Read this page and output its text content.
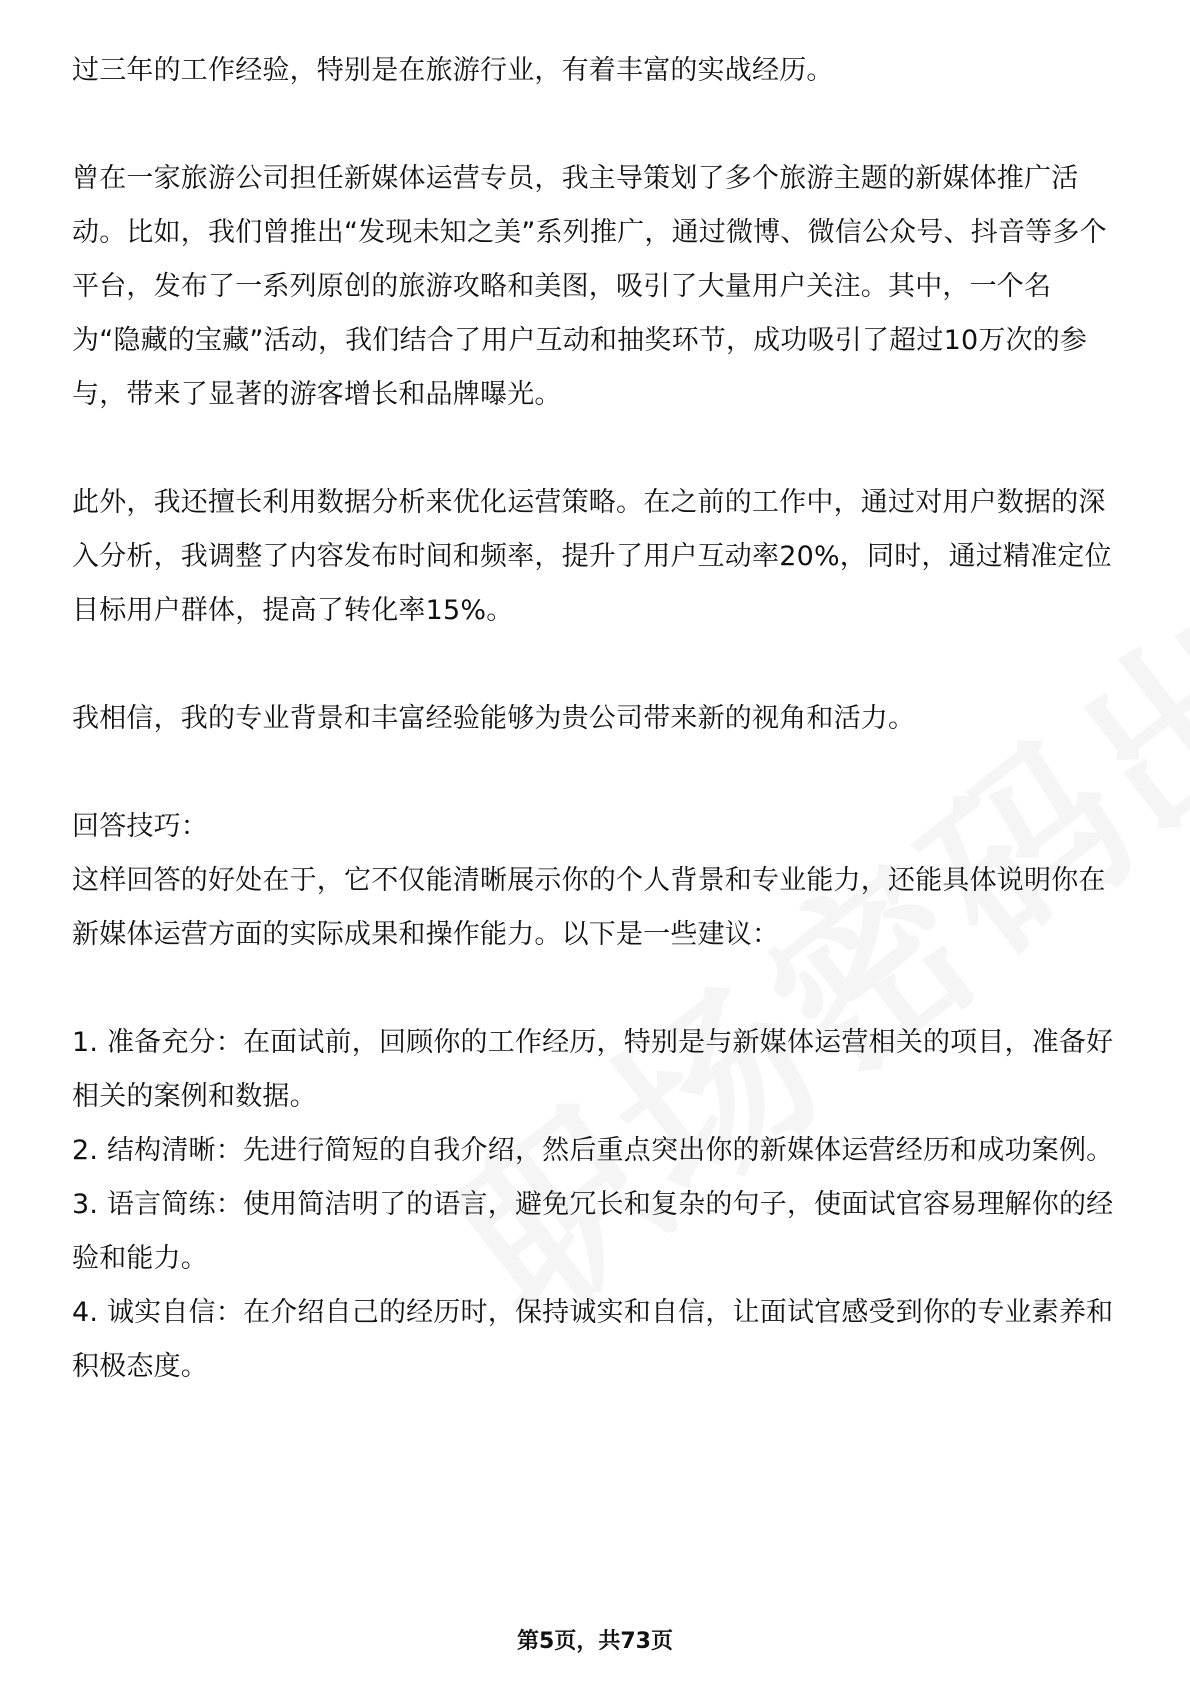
过三年的工作经验，特别是在旅游行业，有着丰富的实战经历。

曾在一家旅游公司担任新媒体运营专员，我主导策划了多个旅游主题的新媒体推广活动。比如，我们曾推出“发现未知之美”系列推广，通过微博、微信公众号、抖音等多个平台，发布了一系列原创的旅游攻略和美图，吸引了大量用户关注。其中，一个名为“隐藏的宝藏”活动，我们结合了用户互动和抽奖环节，成功吸引了超过10万次的参与，带来了显著的游客增长和品牌曝光。

此外，我还擅长利用数据分析来优化运营策略。在之前的工作中，通过对用户数据的深入分析，我调整了内容发布时间和频率，提升了用户互动率20%，同时，通过精准定位目标用户群体，提高了转化率15%。

我相信，我的专业背景和丰富经验能够为贵公司带来新的视角和活力。

回答技巧：

这样回答的好处在于，它不仅能清晰展示你的个人背景和专业能力，还能具体说明你在新媒体运营方面的实际成果和操作能力。以下是一些建议：

1. 准备充分：在面试前，回顾你的工作经历，特别是与新媒体运营相关的项目，准备好相关的案例和数据。

2. 结构清晰：先进行简短的自我介绍，然后重点突出你的新媒体运营经历和成功案例。

3. 语言简练：使用简洁明了的语言，避免冗长和复杂的句子，使面试官容易理解你的经验和能力。

4. 诚实自信：在介绍自己的经历时，保持诚实和自信，让面试官感受到你的专业素养和积极态度。

第5页，共73页
